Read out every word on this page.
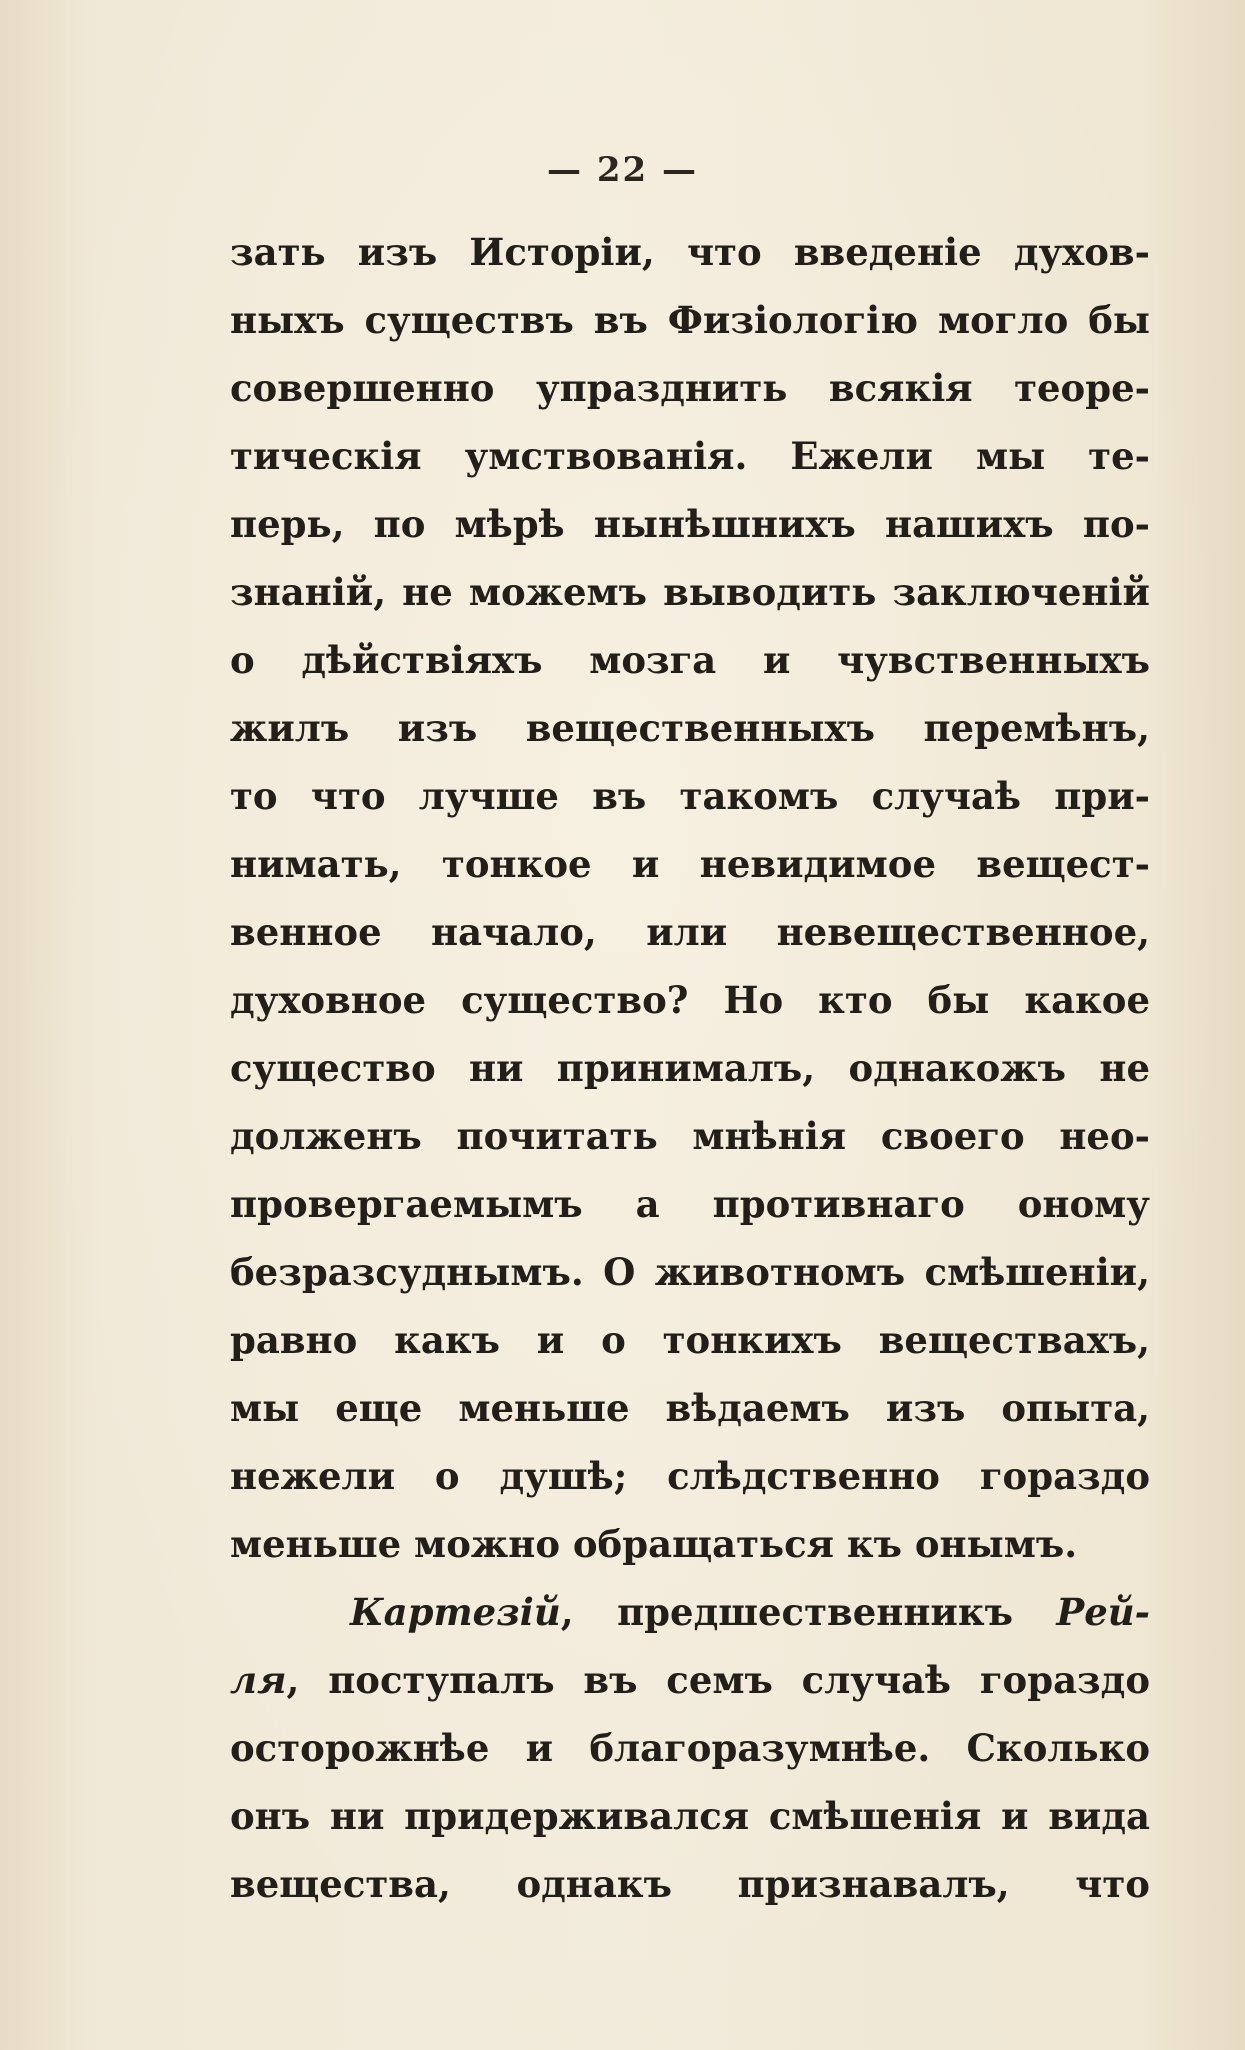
— 22 —
зать изъ Исторіи, что введеніе духов-
ныхъ существъ въ Физіологію могло бы
совершенно упразднить всякія теоре-
тическія умствованія. Ежели мы те-
перь, по мѣрѣ нынѣшнихъ нашихъ по-
знаній, не можемъ выводить заключеній
о дѣйствіяхъ мозга и чувственныхъ
жилъ изъ вещественныхъ перемѣнъ,
то что лучше въ такомъ случаѣ при-
нимать, тонкое и невидимое вещест-
венное начало, или невещественное,
духовное существо? Но кто бы какое
существо ни принималъ, однакожъ не
долженъ почитать мнѣнія своего нео-
провергаемымъ а противнаго оному
безразсуднымъ. О животномъ смѣшеніи,
равно какъ и о тонкихъ веществахъ,
мы еще меньше вѣдаемъ изъ опыта,
нежели о душѣ; слѣдственно гораздо
меньше можно обращаться къ онымъ.
Картезій, предшественникъ Рей-
ля, поступалъ въ семъ случаѣ гораздо
осторожнѣе и благоразумнѣе. Сколько
онъ ни придерживался смѣшенія и вида
вещества, однакъ признавалъ, что
